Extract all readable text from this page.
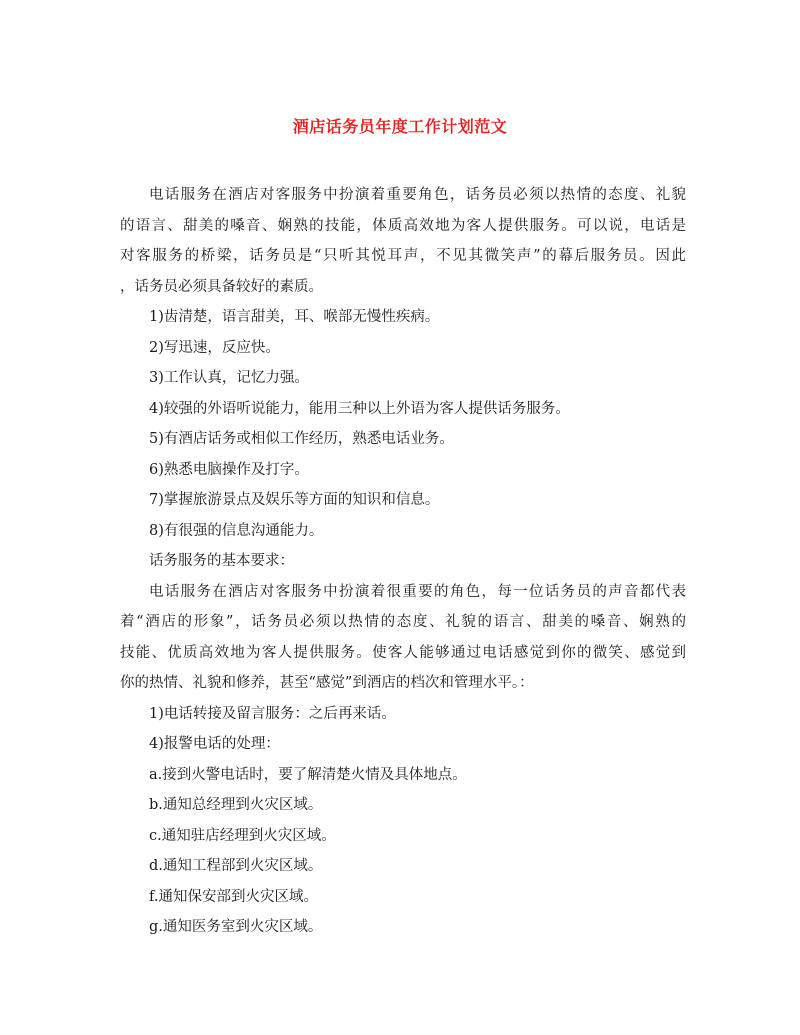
酒店话务员年度工作计划范文
电话服务在酒店对客服务中扮演着重要角色，话务员必须以热情的态度、礼貌
的语言、甜美的嗓音、娴熟的技能，体质高效地为客人提供服务。可以说，电话是
对客服务的桥梁，话务员是“只听其悦耳声，不见其微笑声”的幕后服务员。因此
，话务员必须具备较好的素质。
1)齿清楚，语言甜美，耳、喉部无慢性疾病。
2)写迅速，反应快。
3)工作认真，记忆力强。
4)较强的外语听说能力，能用三种以上外语为客人提供话务服务。
5)有酒店话务或相似工作经历，熟悉电话业务。
6)熟悉电脑操作及打字。
7)掌握旅游景点及娱乐等方面的知识和信息。
8)有很强的信息沟通能力。
话务服务的基本要求：
电话服务在酒店对客服务中扮演着很重要的角色，每一位话务员的声音都代表
着“酒店的形象”，话务员必须以热情的态度、礼貌的语言、甜美的嗓音、娴熟的
技能、优质高效地为客人提供服务。使客人能够通过电话感觉到你的微笑、感觉到
你的热情、礼貌和修养，甚至“感觉”到酒店的档次和管理水平。：
1)电话转接及留言服务：之后再来话。
4)报警电话的处理：
a.接到火警电话时，要了解清楚火情及具体地点。
b.通知总经理到火灾区域。
c.通知驻店经理到火灾区域。
d.通知工程部到火灾区域。
f.通知保安部到火灾区域。
g.通知医务室到火灾区域。
